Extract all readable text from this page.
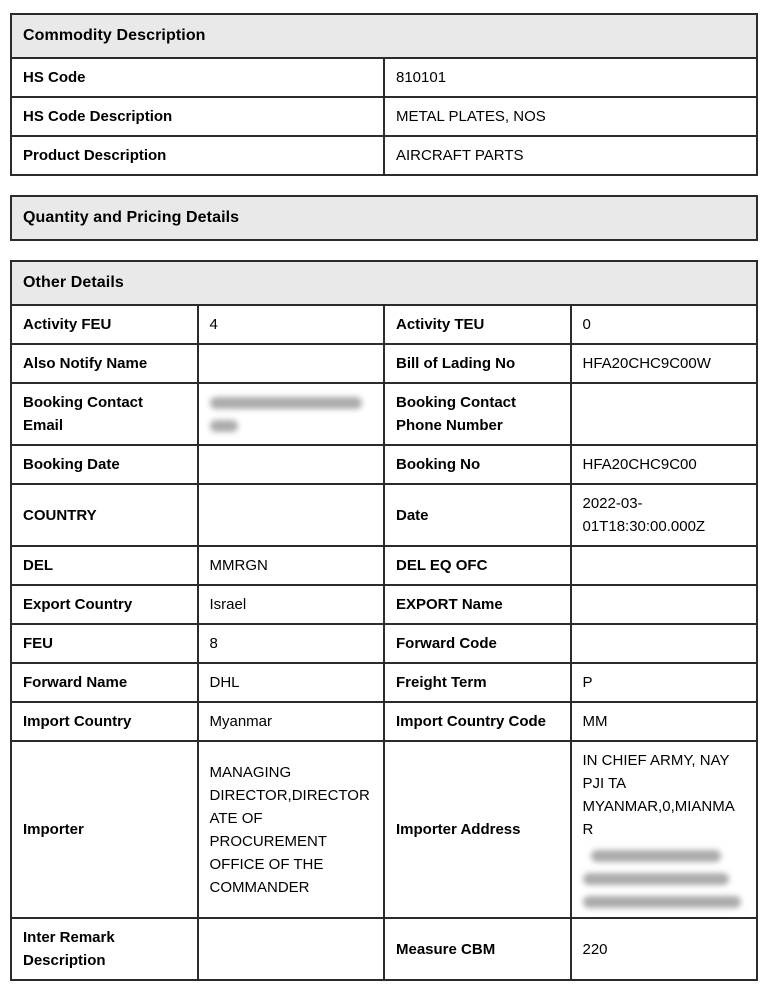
Commodity Description	
HS Code	810101
HS Code Description	METAL PLATES, NOS
Product Description	AIRCRAFT PARTS
Quantity and Pricing Details
Other Details			
Activity FEU	4	Activity TEU	0
Also Notify Name		Bill of Lading No	HFA20CHC9C00W
Booking Contact Email		Booking Contact Phone Number	
Booking Date		Booking No	HFA20CHC9C00
COUNTRY		Date	2022-03-01T18:30:00.000Z
DEL	MMRGN	DEL EQ OFC	
Export Country	Israel	EXPORT Name	
FEU	8	Forward Code	
Forward Name	DHL	Freight Term	P
Import Country	Myanmar	Import Country Code	MM
Importer	MANAGING DIRECTOR,DIRECTORATE OF PROCUREMENT OFFICE OF THE COMMANDER	Importer Address	IN CHIEF ARMY, NAY PJI TA MYANMAR,0,MIANMAR

Inter Remark Description		Measure CBM	220
